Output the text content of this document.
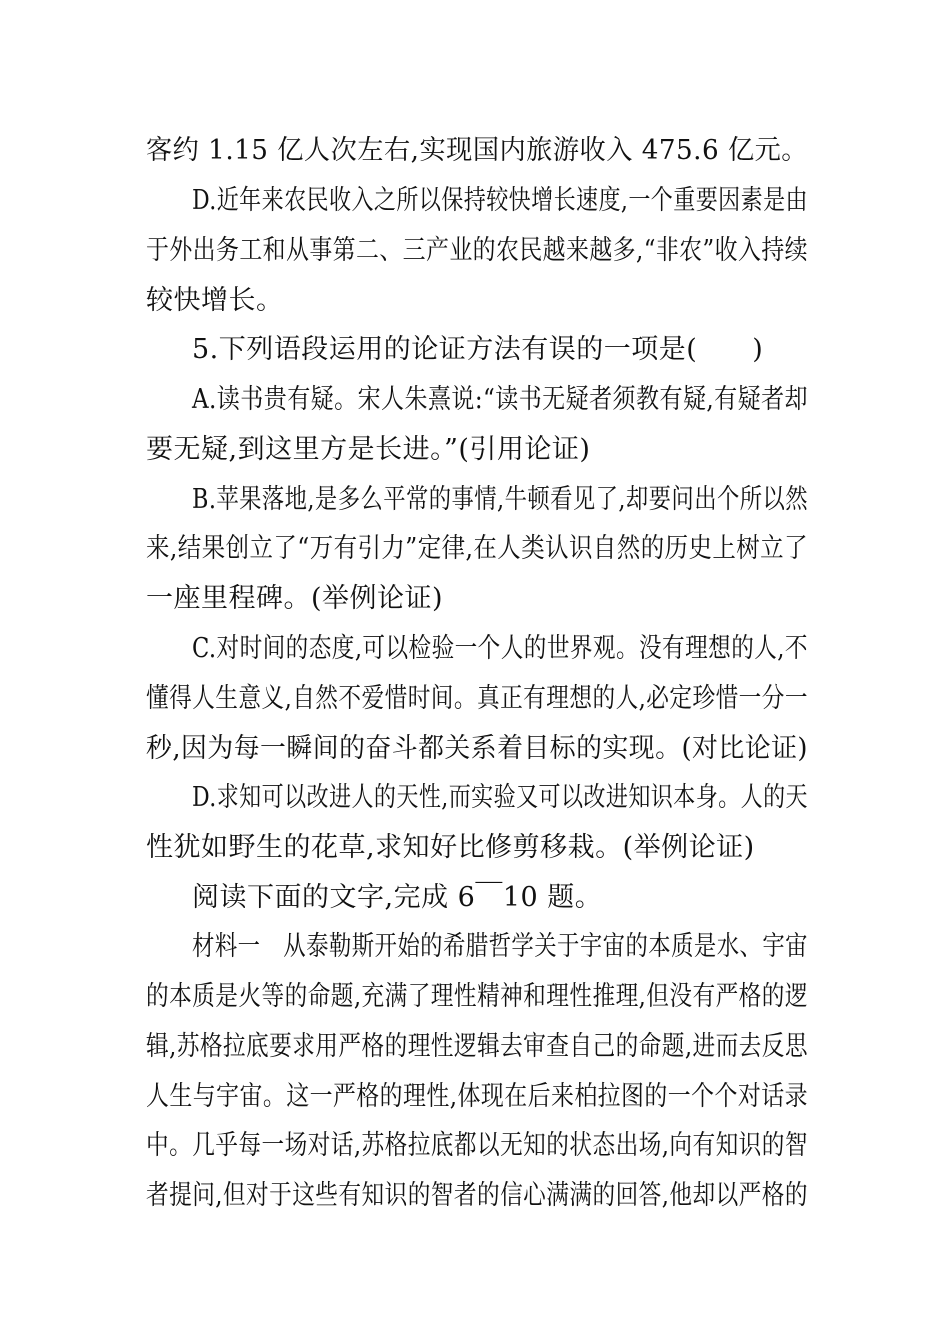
客约 1.15 亿人次左右,实现国内旅游收入 475.6 亿元。
D.近年来农民收入之所以保持较快增长速度,一个重要因素是由
于外出务工和从事第二、三产业的农民越来越多,“非农”收入持续
较快增长。
5.下列语段运用的论证方法有误的一项是(　　)
A.读书贵有疑。宋人朱熹说:“读书无疑者须教有疑,有疑者却
要无疑,到这里方是长进。”(引用论证)
B.苹果落地,是多么平常的事情,牛顿看见了,却要问出个所以然
来,结果创立了“万有引力”定律,在人类认识自然的历史上树立了
一座里程碑。(举例论证)
C.对时间的态度,可以检验一个人的世界观。没有理想的人,不
懂得人生意义,自然不爱惜时间。真正有理想的人,必定珍惜一分一
秒,因为每一瞬间的奋斗都关系着目标的实现。(对比论证)
D.求知可以改进人的天性,而实验又可以改进知识本身。人的天
性犹如野生的花草,求知好比修剪移栽。(举例论证)
阅读下面的文字,完成 6￣10 题。
材料一　从泰勒斯开始的希腊哲学关于宇宙的本质是水、宇宙
的本质是火等的命题,充满了理性精神和理性推理,但没有严格的逻
辑,苏格拉底要求用严格的理性逻辑去审查自己的命题,进而去反思
人生与宇宙。这一严格的理性,体现在后来柏拉图的一个个对话录
中。几乎每一场对话,苏格拉底都以无知的状态出场,向有知识的智
者提问,但对于这些有知识的智者的信心满满的回答,他却以严格的
